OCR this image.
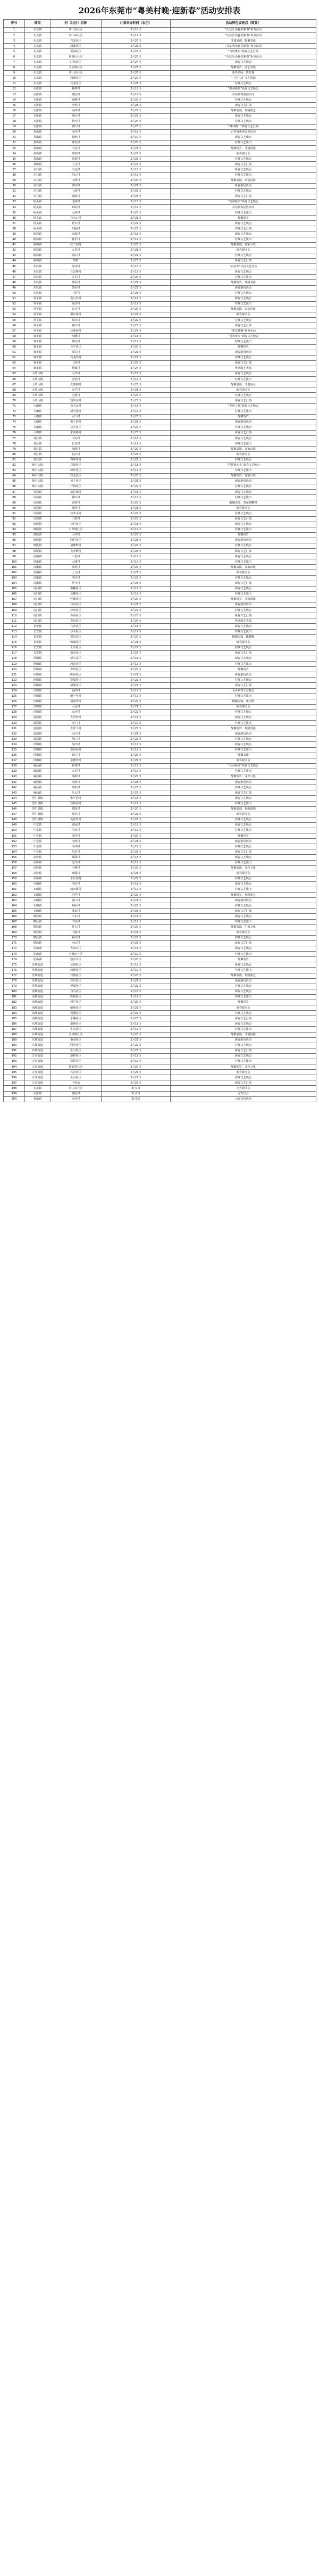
2026年东莞市“粤美村晚·迎新春”活动安排表
序号	镇街	村（社区）名称	计划举办时间（农历）	活动特色或亮点（简要）
1	石龙镇	中山东社区	2月18日	“石龙乐活趣·贺新春”系列活动
2	石龙镇	中山西社区	2月19日	“石龙乐活趣·贺新春”系列活动
3	石龙镇	兴龙社区	2月20日	非遗展演、醒狮表演
4	石龙镇	西湖社区	2月21日	“石龙乐活趣·贺新春”系列活动
5	石龙镇	黄洲社区	2月22日	“百姓舞台”新春文艺汇演
6	石龙镇	新城区社区	2月23日	“石龙乐活趣·贺新春”系列活动
7	石龙镇	红海社区	2月24日	新春文艺晚会
8	石龙镇	王屋洲社区	2月25日	醒狮贺岁、曲艺表演
9	石龙镇	中山东社区	2月26日	新春游园、猜灯谜
10	石龙镇	西湖社区	2月27日	“一村一品”文艺展演
11	石龙镇	兴龙社区	2月28日	村晚文艺晚会
12	石排镇	燕窝村	2月18日	“醉美燕窝”新春文艺晚会
13	石排镇	塘尾村	2月19日	古村新春游园活动
14	石排镇	福隆村	2月20日	村晚文艺晚会
15	石排镇	沙角村	2月21日	新春文艺汇演
16	石排镇	向西村	2月22日	醒狮表演、粤剧曲艺
17	石排镇	埔心村	2月23日	新春文艺晚会
18	石排镇	谷吓村	2月24日	村晚文艺晚会
19	石排镇	横山村	2月25日	“舞动横山”新春文艺汇演
20	茶山镇	南社村	2月18日	古村落新春民俗活动
21	茶山镇	超朗村	2月19日	新春文艺晚会
22	茶山镇	塘角村	2月20日	村晚文艺演出
23	茶山镇	卢边村	2月21日	醒狮贺岁、非遗展演
24	茶山镇	增埗村	2月22日	新春游园会
25	茶山镇	刘黄村	2月23日	村晚文艺晚会
26	茶山镇	上元村	2月24日	新春文艺汇演
27	企石镇	江边村	2月18日	新春文艺晚会
28	企石镇	东山村	2月19日	村晚文艺演出
29	企石镇	宝潭村	2月20日	醒狮表演、民俗巡游
30	企石镇	铁岗村	2月21日	新春游园活动
31	企石镇	上洞村	2月22日	村晚文艺晚会
32	企石镇	霞朗村	2月23日	新春文艺汇演
33	桥头镇	迳联村	2月18日	“荷韵桥头”新春文艺晚会
34	桥头镇	邓屋村	2月19日	古村新春民俗活动
35	桥头镇	大洲村	2月20日	村晚文艺演出
36	桥头镇	石水口村	2月21日	醒狮贺岁
37	桥头镇	岭头村	2月22日	新春文艺晚会
38	桥头镇	朗厦村	2月23日	村晚文艺汇演
39	谢岗镇	南面村	2月18日	新春文艺晚会
40	谢岗镇	曹乐村	2月19日	村晚文艺演出
41	谢岗镇	稔子园村	2月20日	醒狮表演、客家山歌
42	谢岗镇	大龙村	2月21日	新春游园会
43	谢岗镇	谢山村	2月22日	村晚文艺晚会
44	谢岗镇	黎村	2月23日	新春文艺汇演
45	东坑镇	角社村	2月18日	“卖身节”民俗文化活动
46	东坑镇	长安塘村	2月19日	新春文艺晚会
47	东坑镇	坑美村	2月20日	村晚文艺演出
48	东坑镇	黄屋村	2月21日	醒狮贺岁、粤剧表演
49	东坑镇	彭屋村	2月22日	新春游园活动
50	东坑镇	丁屋村	2月23日	村晚文艺晚会
51	常平镇	袁山贝村	2月18日	新春文艺晚会
52	常平镇	桥沥村	2月19日	村晚文艺演出
53	常平镇	麦元村	2月20日	醒狮表演、民俗巡游
54	常平镇	横江厦村	2月21日	新春游园会
55	常平镇	苏坑村	2月22日	村晚文艺晚会
56	常平镇	漱旧村	2月23日	新春文艺汇演
57	常平镇	还珠沥村	2月24日	“舞龙舞狮”新春活动
58	寮步镇	西溪村	2月18日	“香市寮步”新春文艺晚会
59	寮步镇	横坑村	2月19日	村晚文艺演出
60	寮步镇	良平社区	2月20日	醒狮贺岁
61	寮步镇	缪边村	2月21日	新春游园活动
62	寮步镇	石龙坑村	2月22日	村晚文艺晚会
63	寮步镇	上底村	2月23日	新春文艺汇演
64	寮步镇	岭厦村	2月24日	粤剧曲艺表演
65	大岭山镇	大沙村	2月18日	新春文艺晚会
66	大岭山镇	金桔村	2月19日	村晚文艺演出
67	大岭山镇	大塘朗村	2月20日	醒狮表演、非遗展示
68	大岭山镇	连平村	2月21日	新春游园会
69	大岭山镇	元岭村	2月22日	村晚文艺晚会
70	大岭山镇	矮岭冚村	2月23日	新春文艺汇演
71	大朗镇	松木山村	2月18日	“毛织之都”新春文艺晚会
72	大朗镇	新马莲村	2月19日	村晚文艺演出
73	大朗镇	水口村	2月20日	醒狮贺岁
74	大朗镇	佛子凹村	2月21日	新春游园活动
75	大朗镇	巷头社区	2月22日	村晚文艺晚会
76	大朗镇	求富路村	2月23日	新春文艺汇演
77	黄江镇	田美村	2月18日	新春文艺晚会
78	黄江镇	长龙村	2月19日	村晚文艺演出
79	黄江镇	梅塘村	2月20日	醒狮表演、客家山歌
80	黄江镇	北岸村	2月21日	新春游园会
81	黄江镇	鸡啼岗村	2月22日	村晚文艺晚会
82	樟木头镇	石新社区	2月18日	“客侨樟木头”新春文艺晚会
83	樟木头镇	樟洋社区	2月19日	村晚文艺演出
84	樟木头镇	官仓社区	2月20日	醒狮贺岁、客家山歌
85	樟木头镇	裕丰社区	2月21日	新春游园活动
86	樟木头镇	圩镇社区	2月22日	村晚文艺晚会
87	凤岗镇	油甘埔村	2月18日	新春文艺晚会
88	凤岗镇	雁田村	2月19日	村晚文艺演出
89	凤岗镇	竹塘村	2月20日	醒狮表演、客家麒麟舞
90	凤岗镇	黄洞村	2月21日	新春游园会
91	凤岗镇	官井头村	2月22日	村晚文艺晚会
92	凤岗镇	三联村	2月23日	新春文艺汇演
93	塘厦镇	林村社区	2月18日	新春文艺晚会
94	塘厦镇	石潭埔社区	2月19日	村晚文艺演出
95	塘厦镇	大坪村	2月20日	醒狮贺岁
96	塘厦镇	四村社区	2月21日	新春游园活动
97	塘厦镇	诸佛岭村	2月22日	村晚文艺晚会
98	塘厦镇	龙背岭村	2月23日	新春文艺汇演
99	清溪镇	三星村	2月18日	新春文艺晚会
100	清溪镇	大埔村	2月19日	村晚文艺演出
101	清溪镇	铁场村	2月20日	醒狮表演、客家山歌
102	清溪镇	上元村	2月21日	新春游园会
103	清溪镇	浮岗村	2月22日	村晚文艺晚会
104	清溪镇	罗马村	2月23日	新春文艺汇演
105	虎门镇	南栅社区	2月18日	新春文艺晚会
106	虎门镇	北栅社区	2月19日	村晚文艺演出
107	虎门镇	怀德社区	2月20日	醒狮贺岁、非遗展演
108	虎门镇	白沙社区	2月21日	新春游园活动
109	虎门镇	沙角社区	2月22日	村晚文艺晚会
110	虎门镇	赤岗社区	2月23日	新春文艺汇演
111	虎门镇	龙眼社区	2月24日	粤剧曲艺表演
112	长安镇	乌沙社区	2月18日	新春文艺晚会
113	长安镇	沙头社区	2月19日	村晚文艺演出
114	长安镇	霄边社区	2月20日	醒狮表演、麒麟舞
115	长安镇	锦厦社区	2月21日	新春游园会
116	长安镇	上沙社区	2月22日	村晚文艺晚会
117	长安镇	新安社区	2月23日	新春文艺汇演
118	厚街镇	桥头社区	2月18日	新春文艺晚会
119	厚街镇	河田社区	2月19日	村晚文艺演出
120	厚街镇	赤岭社区	2月20日	醒狮贺岁
121	厚街镇	陈屋社区	2月21日	新春游园活动
122	厚街镇	寮厦社区	2月22日	村晚文艺晚会
123	厚街镇	新塘社区	2月23日	新春文艺汇演
124	沙田镇	阇西村	2月18日	水乡新春文艺晚会
125	沙田镇	穗丰年村	2月19日	村晚文艺演出
126	沙田镇	福禄沙村	2月20日	醒狮表演、咸水歌
127	沙田镇	大泥村	2月21日	新春游园会
128	沙田镇	义沙村	2月22日	村晚文艺晚会
129	道滘镇	大罗沙村	2月18日	新春文艺晚会
130	道滘镇	南丫村	2月19日	村晚文艺演出
131	道滘镇	大岭丫村	2月20日	醒狮贺岁、粤剧表演
132	道滘镇	永庆村	2月21日	新春游园活动
133	道滘镇	闸口村	2月22日	村晚文艺晚会
134	洪梅镇	梅沙村	2月18日	新春文艺晚会
135	洪梅镇	洪屋涡村	2月19日	村晚文艺演出
136	洪梅镇	新庄村	2月20日	醒狮表演
137	洪梅镇	金鳌沙村	2月21日	新春游园会
138	麻涌镇	新基村	2月18日	“水乡麻涌”新春文艺晚会
139	麻涌镇	大步村	2月19日	村晚文艺演出
140	麻涌镇	漳澎村	2月20日	醒狮贺岁、龙舟文化
141	麻涌镇	南洲村	2月21日	新春游园活动
142	麻涌镇	华阳村	2月22日	村晚文艺晚会
143	麻涌镇	东太村	2月23日	新春文艺汇演
144	望牛墩镇	朱平沙村	2月18日	新春文艺晚会
145	望牛墩镇	官桥滘村	2月19日	村晚文艺演出
146	望牛墩镇	横沥村	2月20日	醒狮表演、粤曲演唱
147	望牛墩镇	杜屋村	2月21日	新春游园会
148	望牛墩镇	芙蓉沙村	2月22日	村晚文艺晚会
149	中堂镇	潢涌村	2月18日	新春文艺晚会
150	中堂镇	江南村	2月19日	村晚文艺演出
151	中堂镇	槎滘村	2月20日	醒狮贺岁
152	中堂镇	斗朗村	2月21日	新春游园活动
153	中堂镇	凤冲村	2月22日	村晚文艺晚会
154	中堂镇	东泊村	2月23日	新春文艺汇演
155	高埗镇	低涌村	2月18日	新春文艺晚会
156	高埗镇	冼沙村	2月19日	村晚文艺演出
157	高埗镇	卢溪村	2月20日	醒狮表演、龙舟文化
158	高埗镇	塘厦村	2月21日	新春游园会
159	高埗镇	下江城村	2月22日	村晚文艺晚会
160	石碣镇	单屋村	2月18日	新春文艺晚会
161	石碣镇	鹤田厦村	2月19日	村晚文艺演出
162	石碣镇	四甲村	2月20日	醒狮贺岁、粤剧曲艺
163	石碣镇	涌口村	2月21日	新春游园活动
164	石碣镇	刘屋村	2月22日	村晚文艺晚会
165	石碣镇	梁家村	2月23日	新春文艺汇演
166	横沥镇	田头村	2月18日	新春文艺晚会
167	横沥镇	田坑村	2月19日	村晚文艺演出
168	横沥镇	村头村	2月20日	醒狮表演、牛墟文化
169	横沥镇	山厦村	2月21日	新春游园会
170	横沥镇	隔坑村	2月22日	村晚文艺晚会
171	横沥镇	水边村	2月23日	新春文艺汇演
172	松山湖	大朗片区	2月18日	新春文艺晚会
173	松山湖	大岭山片区	2月19日	村晚文艺演出
174	松山湖	寮步片区	2月20日	醒狮贺岁
175	莞城街道	北隅社区	2月18日	新春文艺晚会
176	莞城街道	西隅社区	2月19日	村晚文艺演出
177	莞城街道	兴塘社区	2月20日	醒狮表演、粤剧曲艺
178	莞城街道	罗沙社区	2月21日	新春游园活动
179	莞城街道	博厦社区	2月22日	村晚文艺晚会
180	南城街道	白马社区	2月18日	新春文艺晚会
181	南城街道	胜和社区	2月19日	村晚文艺演出
182	南城街道	西平社区	2月20日	醒狮贺岁
183	南城街道	蛤地社区	2月21日	新春游园会
184	南城街道	周溪社区	2月22日	村晚文艺晚会
185	南城街道	水濂社区	2月23日	新春文艺汇演
186	东城街道	温塘社区	2月18日	新春文艺晚会
187	东城街道	牛山社区	2月19日	村晚文艺演出
188	东城街道	火炼树社区	2月20日	醒狮表演、非遗展演
189	东城街道	桑园社区	2月21日	新春游园活动
190	东城街道	同沙社区	2月22日	村晚文艺晚会
191	东城街道	主山社区	2月23日	新春文艺汇演
192	万江街道	新和社区	2月18日	新春文艺晚会
193	万江街道	滘联社区	2月19日	村晚文艺演出
194	万江街道	拔蛟窝社区	2月20日	醒狮贺岁、龙舟文化
195	万江街道	石美社区	2月21日	新春游园会
196	万江街道	大汾社区	2月22日	村晚文艺晚会
197	万江街道	下坝坊	2月23日	新春文艺汇演
198	石龙镇	中山东社区	3月1日	元宵游园会
199	石排镇	塘尾村	3月2日	元宵灯会
200	茶山镇	南社村	3月3日	元宵民俗活动
